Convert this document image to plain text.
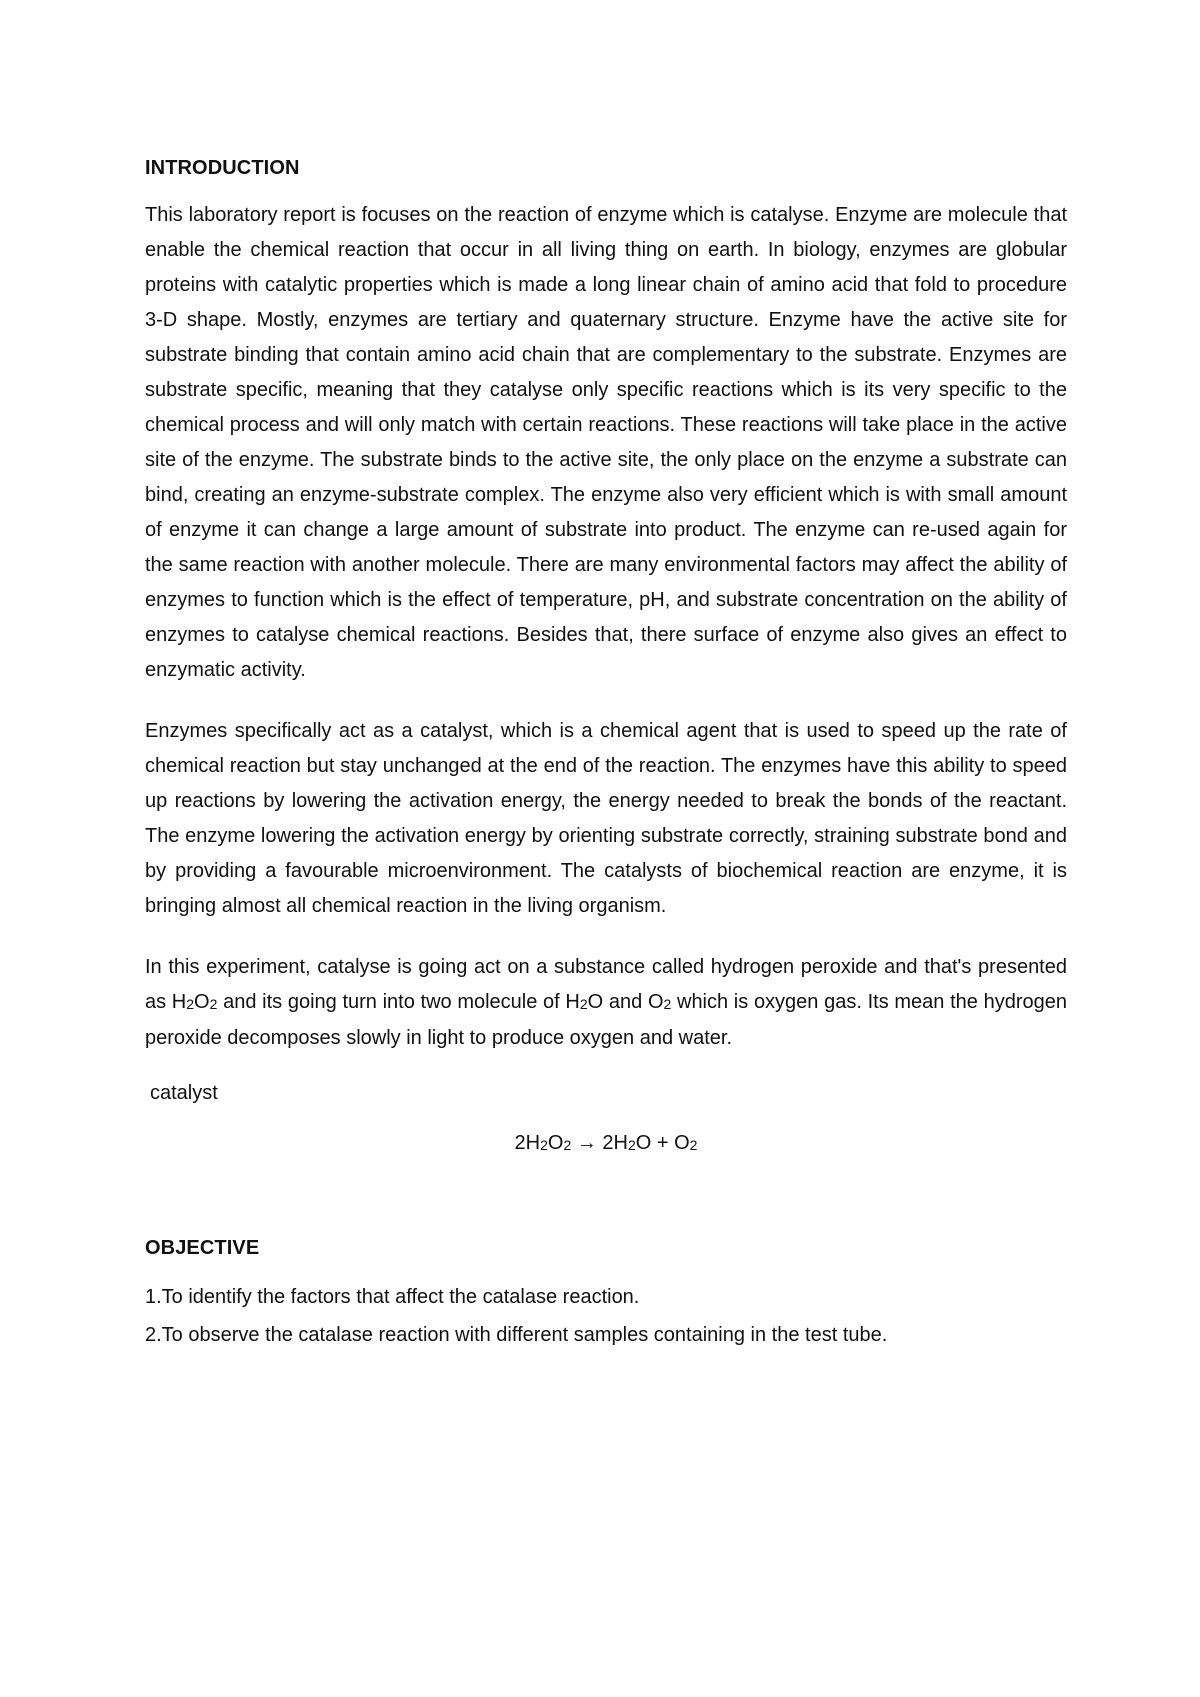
INTRODUCTION

This laboratory report is focuses on the reaction of enzyme which is catalyse. Enzyme are molecule that enable the chemical reaction that occur in all living thing on earth. In biology, enzymes are globular proteins with catalytic properties which is made a long linear chain of amino acid that fold to procedure 3-D shape. Mostly, enzymes are tertiary and quaternary structure. Enzyme have the active site for substrate binding that contain amino acid chain that are complementary to the substrate. Enzymes are substrate specific, meaning that they catalyse only specific reactions which is its very specific to the chemical process and will only match with certain reactions. These reactions will take place in the active site of the enzyme. The substrate binds to the active site, the only place on the enzyme a substrate can bind, creating an enzyme-substrate complex. The enzyme also very efficient which is with small amount of enzyme it can change a large amount of substrate into product. The enzyme can re-used again for the same reaction with another molecule. There are many environmental factors may affect the ability of enzymes to function which is the effect of temperature, pH, and substrate concentration on the ability of enzymes to catalyse chemical reactions. Besides that, there surface of enzyme also gives an effect to enzymatic activity.

Enzymes specifically act as a catalyst, which is a chemical agent that is used to speed up the rate of chemical reaction but stay unchanged at the end of the reaction. The enzymes have this ability to speed up reactions by lowering the activation energy, the energy needed to break the bonds of the reactant. The enzyme lowering the activation energy by orienting substrate correctly, straining substrate bond and by providing a favourable microenvironment. The catalysts of biochemical reaction are enzyme, it is bringing almost all chemical reaction in the living organism.

In this experiment, catalyse is going act on a substance called hydrogen peroxide and that's presented as $H_2O_2$ and its going turn into two molecule of $H_2O$ and $O_2$ which is oxygen gas. Its mean the hydrogen peroxide decomposes slowly in light to produce oxygen and water.

catalyst
$2H_2O_2 \to 2H_2O + O_2$
OBJECTIVE

1.To identify the factors that affect the catalase reaction.

2.To observe the catalase reaction with different samples containing in the test tube.
